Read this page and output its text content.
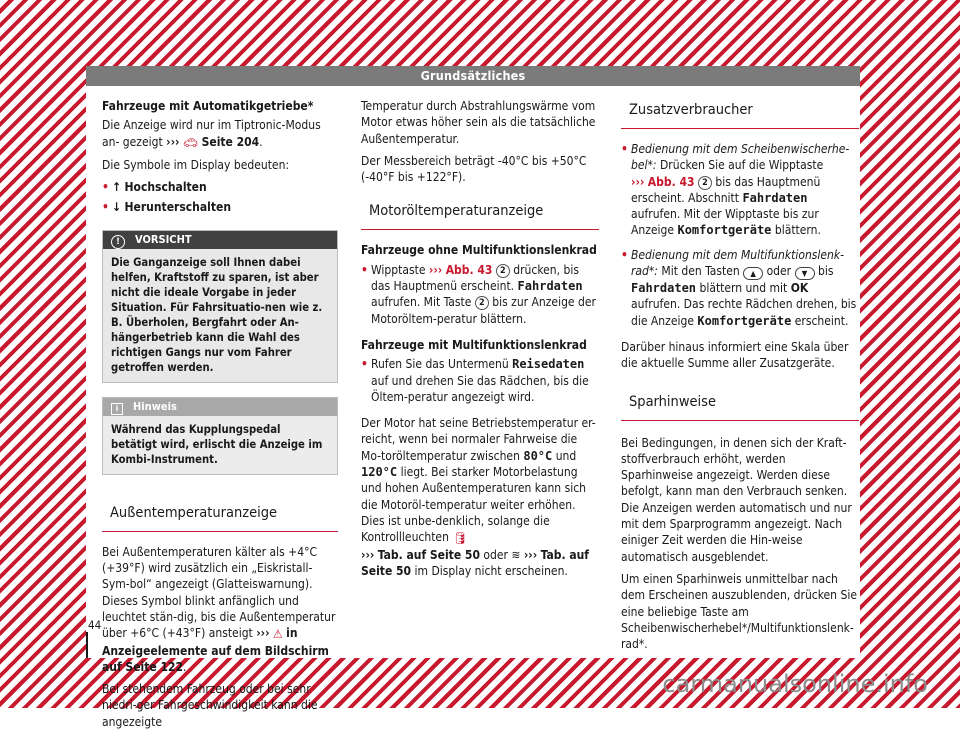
Grundsätzliches

Fahrzeuge mit Automatikgetriebe*

Die Anzeige wird nur im Tiptronic-Modus an- gezeigt ››› 🚗︎ Seite 204.

Die Symbole im Display bedeuten:

• ↑ Hochschalten
• ↓ Herunterschalten
! VORSICHT
Die Ganganzeige soll Ihnen dabei helfen, Kraftstoff zu sparen, ist aber nicht die ideale Vorgabe in jeder Situation. Für Fahrsituatio-nen wie z. B. Überholen, Bergfahrt oder An-hängerbetrieb kann die Wahl des richtigen Gangs nur vom Fahrer getroffen werden.
i Hinweis
Während das Kupplungspedal betätigt wird, erlischt die Anzeige im Kombi-Instrument.
Außentemperaturanzeige

Bei Außentemperaturen kälter als +4°C (+39°F) wird zusätzlich ein „Eiskristall-Sym-bol“ angezeigt (Glatteiswarnung). Dieses Symbol blinkt anfänglich und leuchtet stän-dig, bis die Außentemperatur über +6°C (+43°F) ansteigt ››› ⚠ in Anzeigeelemente auf dem Bildschirm auf Seite 122.

Bei stehendem Fahrzeug oder bei sehr niedri-ger Fahrgeschwindigkeit kann die angezeigte

Temperatur durch Abstrahlungswärme vom Motor etwas höher sein als die tatsächliche Außentemperatur.

Der Messbereich beträgt -40°C bis +50°C (-40°F bis +122°F).

Motoröltemperaturanzeige

Fahrzeuge ohne Multifunktionslenkrad

• Wipptaste ››› Abb. 43 2 drücken, bis das Hauptmenü erscheint. Fahrdaten aufrufen. Mit Taste 2 bis zur Anzeige der Motoröltem-peratur blättern.

Fahrzeuge mit Multifunktionslenkrad

• Rufen Sie das Untermenü Reisedaten auf und drehen Sie das Rädchen, bis die Öltem-peratur angezeigt wird.

Der Motor hat seine Betriebstemperatur er-reicht, wenn bei normaler Fahrweise die Mo-toröltemperatur zwischen 80°C und 120°C liegt. Bei starker Motorbelastung und hohen Außentemperaturen kann sich die Motoröl-temperatur weiter erhöhen. Dies ist unbe-denklich, solange die Kontrollleuchten 🛢︎
››› Tab. auf Seite 50 oder ≋ ››› Tab. auf Seite 50 im Display nicht erscheinen.

Zusatzverbraucher
• Bedienung mit dem Scheibenwischerhe-bel*: Drücken Sie auf die Wipptaste
››› Abb. 43 2 bis das Hauptmenü erscheint. Abschnitt Fahrdaten aufrufen. Mit der Wipptaste bis zur Anzeige Komfortgeräte blättern.
• Bedienung mit dem Multifunktionslenk-rad*: Mit den Tasten ▲ oder ▼ bis Fahrdaten blättern und mit OK aufrufen. Das rechte Rädchen drehen, bis die Anzeige Komfortgeräte erscheint.

Darüber hinaus informiert eine Skala über die aktuelle Summe aller Zusatzgeräte.

Sparhinweise

Bei Bedingungen, in denen sich der Kraft-stoffverbrauch erhöht, werden Sparhinweise angezeigt. Werden diese befolgt, kann man den Verbrauch senken. Die Anzeigen werden automatisch und nur mit dem Sparprogramm angezeigt. Nach einiger Zeit werden die Hin-weise automatisch ausgeblendet.

Um einen Sparhinweis unmittelbar nach dem Erscheinen auszublenden, drücken Sie eine beliebige Taste am Scheibenwischerhebel*/Multifunktionslenk-rad*.

44
carmanualsonline.info
